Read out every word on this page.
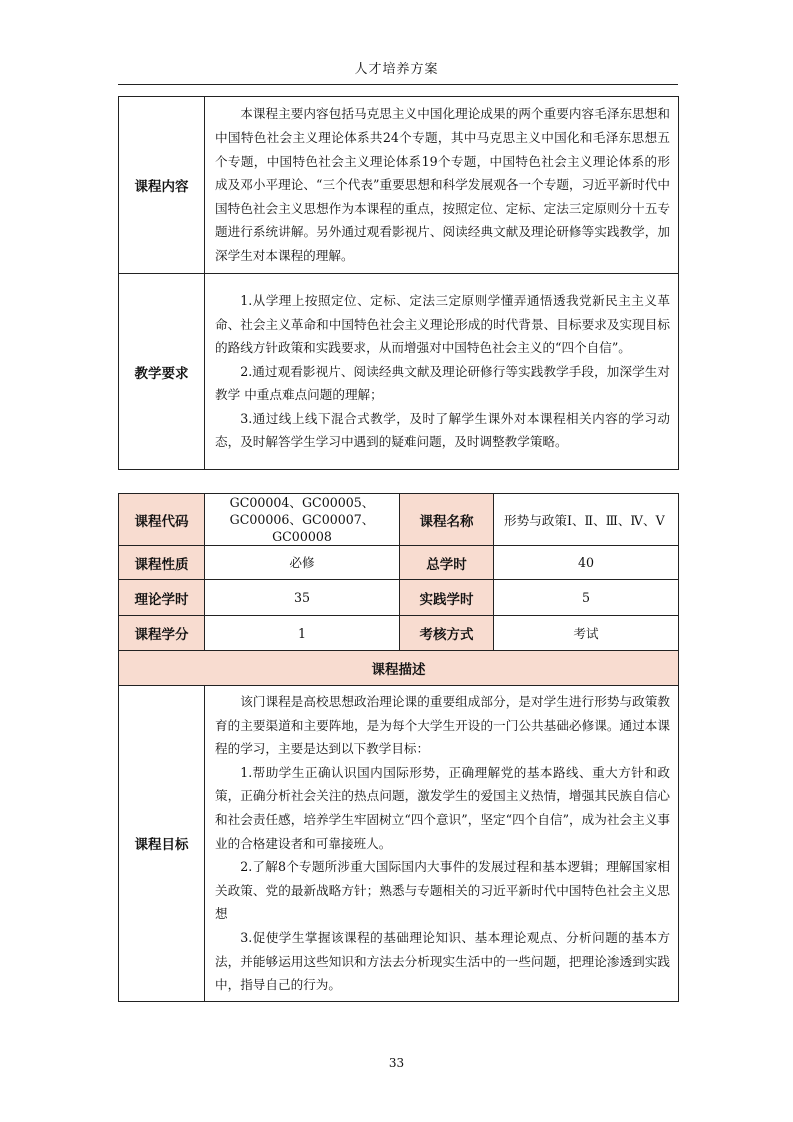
人才培养方案
课程内容	本课程主要内容包括马克思主义中国化理论成果的两个重要内容毛泽东思想和中国特色社会主义理论体系共24个专题，其中马克思主义中国化和毛泽东思想五个专题，中国特色社会主义理论体系19个专题，中国特色社会主义理论体系的形成及邓小平理论、“三个代表”重要思想和科学发展观各一个专题，习近平新时代中国特色社会主义思想作为本课程的重点，按照定位、定标、定法三定原则分十五专题进行系统讲解。另外通过观看影视片、阅读经典文献及理论研修等实践教学，加深学生对本课程的理解。

教学要求	1.从学理上按照定位、定标、定法三定原则学懂弄通悟透我党新民主主义革命、社会主义革命和中国特色社会主义理论形成的时代背景、目标要求及实现目标的路线方针政策和实践要求，从而增强对中国特色社会主义的“四个自信”。
2.通过观看影视片、阅读经典文献及理论研修行等实践教学手段，加深学生对教学 中重点难点问题的理解；
3.通过线上线下混合式教学，及时了解学生课外对本课程相关内容的学习动态，及时解答学生学习中遇到的疑难问题，及时调整教学策略。
课程代码	GC00004、GC00005、GC00006、GC00007、GC00008	课程名称	形势与政策Ⅰ、Ⅱ、Ⅲ、Ⅳ、Ⅴ
课程性质	必修	总学时	40
理论学时	35	实践学时	5
课程学分	1	考核方式	考试
课程描述			
课程目标	该门课程是高校思想政治理论课的重要组成部分，是对学生进行形势与政策教育的主要渠道和主要阵地，是为每个大学生开设的一门公共基础必修课。通过本课程的学习，主要是达到以下教学目标：
1.帮助学生正确认识国内国际形势，正确理解党的基本路线、重大方针和政策，正确分析社会关注的热点问题，激发学生的爱国主义热情，增强其民族自信心和社会责任感，培养学生牢固树立“四个意识”，坚定“四个自信”，成为社会主义事业的合格建设者和可靠接班人。
2.了解8个专题所涉重大国际国内大事件的发展过程和基本逻辑；理解国家相关政策、党的最新战略方针；熟悉与专题相关的习近平新时代中国特色社会主义思想
3.促使学生掌握该课程的基础理论知识、基本理论观点、分析问题的基本方法，并能够运用这些知识和方法去分析现实生活中的一些问题，把理论渗透到实践中，指导自己的行为。		
33
